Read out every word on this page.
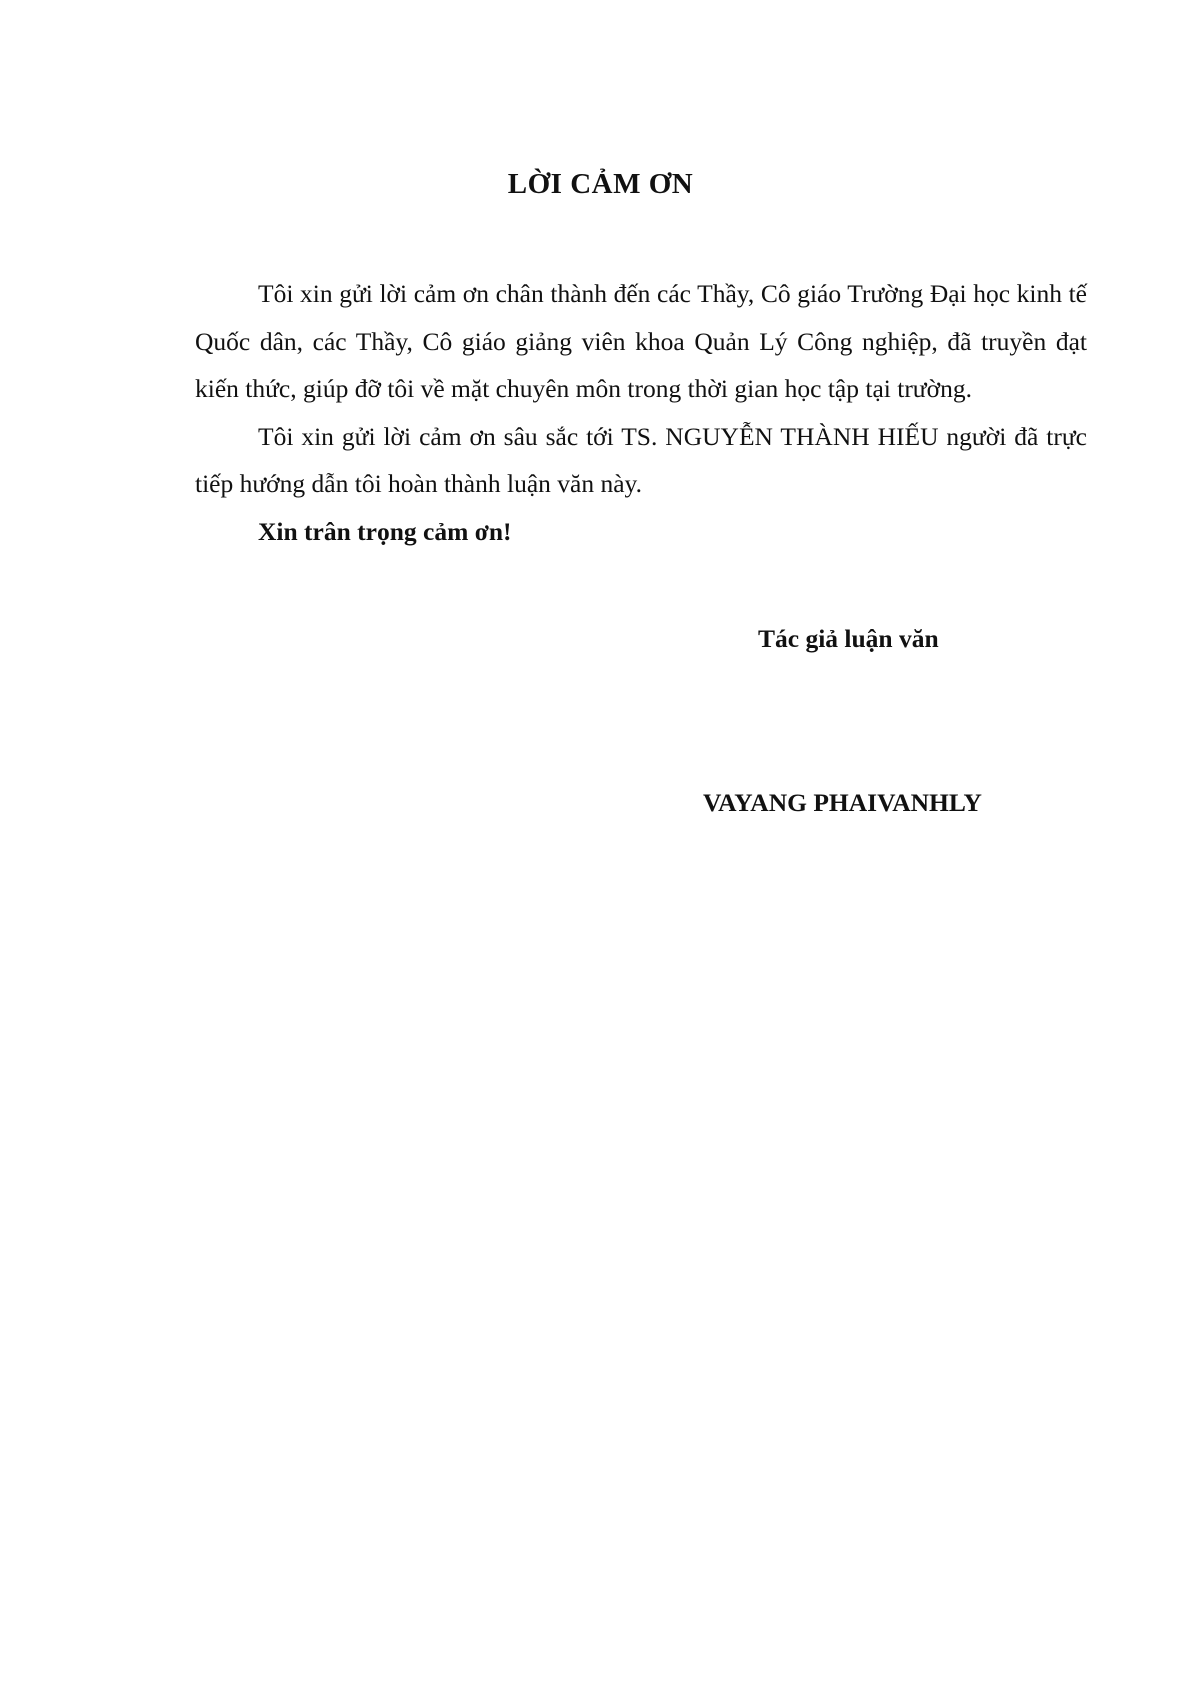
LỜI CẢM ƠN

Tôi xin gửi lời cảm ơn chân thành đến các Thầy, Cô giáo Trường Đại học kinh tế Quốc dân, các Thầy, Cô giáo giảng viên khoa Quản Lý Công nghiệp, đã truyền đạt kiến thức, giúp đỡ tôi về mặt chuyên môn trong thời gian học tập tại trường.

Tôi xin gửi lời cảm ơn sâu sắc tới TS. NGUYỄN THÀNH HIẾU người đã trực tiếp hướng dẫn tôi hoàn thành luận văn này.

Xin trân trọng cảm ơn!

Tác giả luận văn

VAYANG PHAIVANHLY
